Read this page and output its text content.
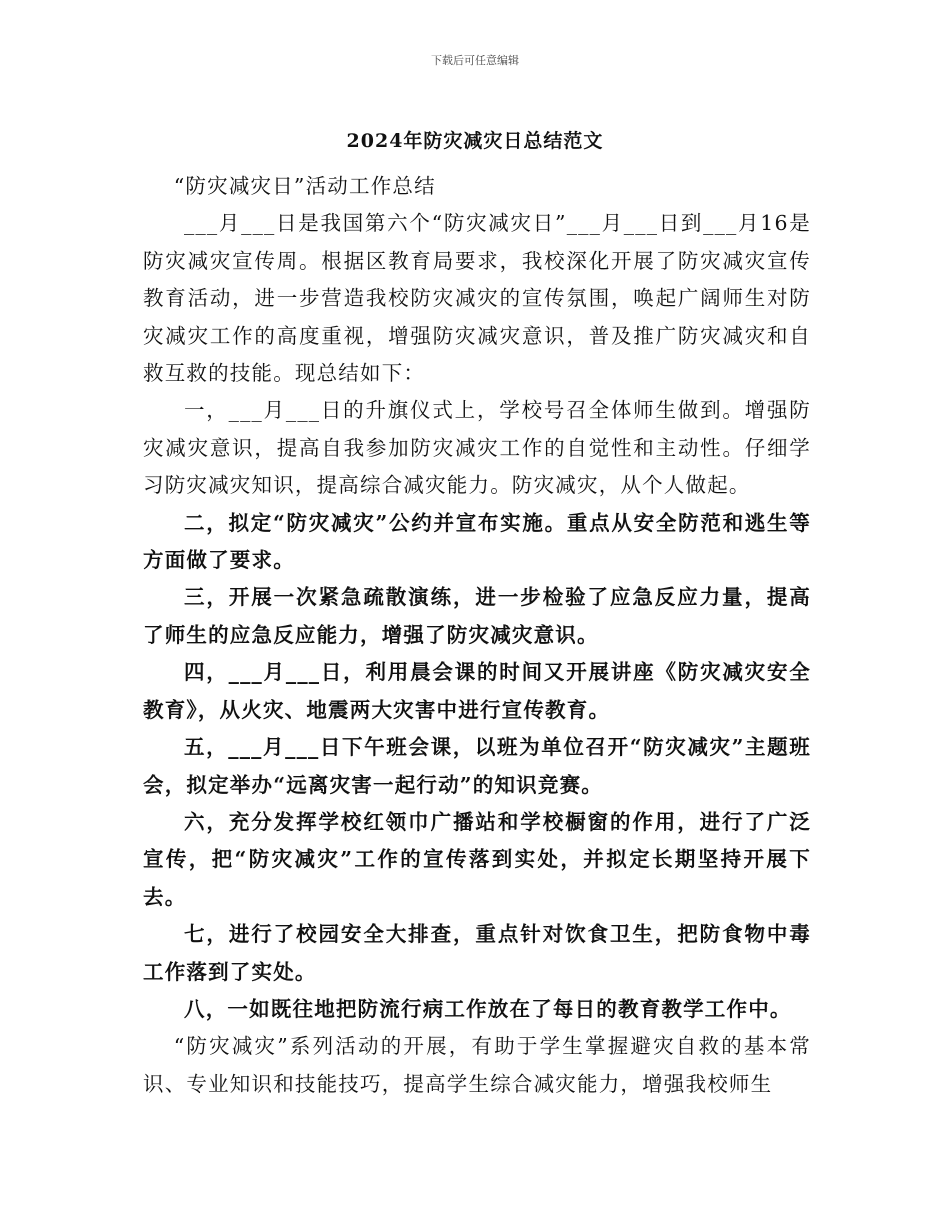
下载后可任意编辑
2024年防灾减灾日总结范文

“防灾减灾日”活动工作总结

___月___日是我国第六个“防灾减灾日”___月___日到___月16是防灾减灾宣传周。根据区教育局要求，我校深化开展了防灾减灾宣传教育活动，进一步营造我校防灾减灾的宣传氛围，唤起广阔师生对防灾减灾工作的高度重视，增强防灾减灾意识，普及推广防灾减灾和自救互救的技能。现总结如下：

一，___月___日的升旗仪式上，学校号召全体师生做到。增强防灾减灾意识，提高自我参加防灾减灾工作的自觉性和主动性。仔细学习防灾减灾知识，提高综合减灾能力。防灾减灾，从个人做起。

二，拟定“防灾减灾”公约并宣布实施。重点从安全防范和逃生等方面做了要求。

三，开展一次紧急疏散演练，进一步检验了应急反应力量，提高了师生的应急反应能力，增强了防灾减灾意识。

四，___月___日，利用晨会课的时间又开展讲座《防灾减灾安全教育》，从火灾、地震两大灾害中进行宣传教育。

五，___月___日下午班会课，以班为单位召开“防灾减灾”主题班会，拟定举办“远离灾害一起行动”的知识竞赛。

六，充分发挥学校红领巾广播站和学校橱窗的作用，进行了广泛宣传，把“防灾减灾”工作的宣传落到实处，并拟定长期坚持开展下去。

七，进行了校园安全大排查，重点针对饮食卫生，把防食物中毒工作落到了实处。

八，一如既往地把防流行病工作放在了每日的教育教学工作中。

“防灾减灾”系列活动的开展，有助于学生掌握避灾自救的基本常识、专业知识和技能技巧，提高学生综合减灾能力，增强我校师生
